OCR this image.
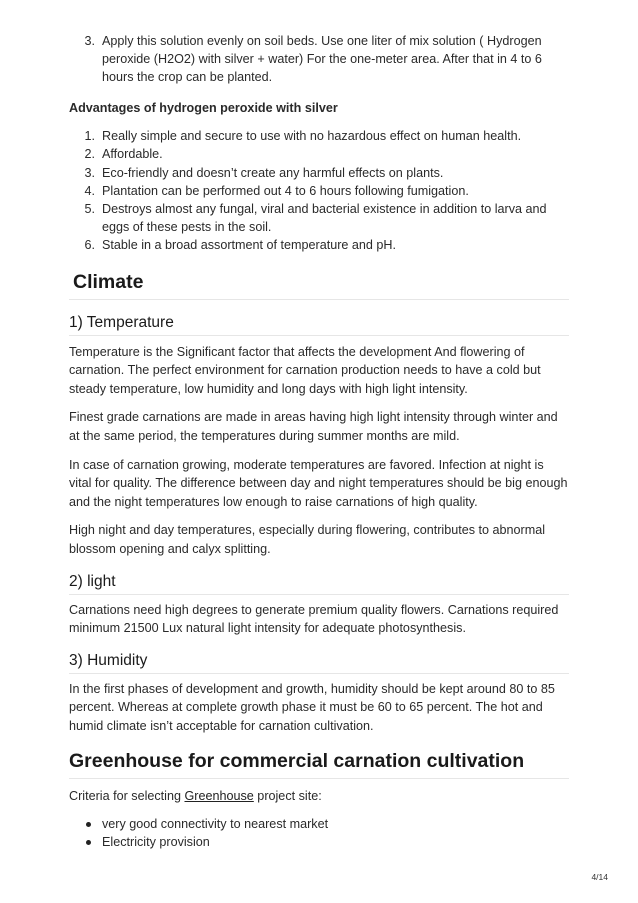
3. Apply this solution evenly on soil beds. Use one liter of mix solution ( Hydrogen peroxide (H2O2) with silver + water) For the one-meter area. After that in 4 to 6 hours the crop can be planted.

Advantages of hydrogen peroxide with silver

1. Really simple and secure to use with no hazardous effect on human health.
2. Affordable.
3. Eco-friendly and doesn’t create any harmful effects on plants.
4. Plantation can be performed out 4 to 6 hours following fumigation.
5. Destroys almost any fungal, viral and bacterial existence in addition to larva and eggs of these pests in the soil.
6. Stable in a broad assortment of temperature and pH.
Climate
1) Temperature

Temperature is the Significant factor that affects the development And flowering of carnation. The perfect environment for carnation production needs to have a cold but steady temperature, low humidity and long days with high light intensity.

Finest grade carnations are made in areas having high light intensity through winter and at the same period, the temperatures during summer months are mild.

In case of carnation growing, moderate temperatures are favored. Infection at night is vital for quality. The difference between day and night temperatures should be big enough and the night temperatures low enough to raise carnations of high quality.

High night and day temperatures, especially during flowering, contributes to abnormal blossom opening and calyx splitting.

2) light

Carnations need high degrees to generate premium quality flowers. Carnations required minimum 21500 Lux natural light intensity for adequate photosynthesis.

3) Humidity

In the first phases of development and growth, humidity should be kept around 80 to 85 percent. Whereas at complete growth phase it must be 60 to 65 percent. The hot and humid climate isn’t acceptable for carnation cultivation.

Greenhouse for commercial carnation cultivation

Criteria for selecting Greenhouse project site:

very good connectivity to nearest market
Electricity provision
4/14
